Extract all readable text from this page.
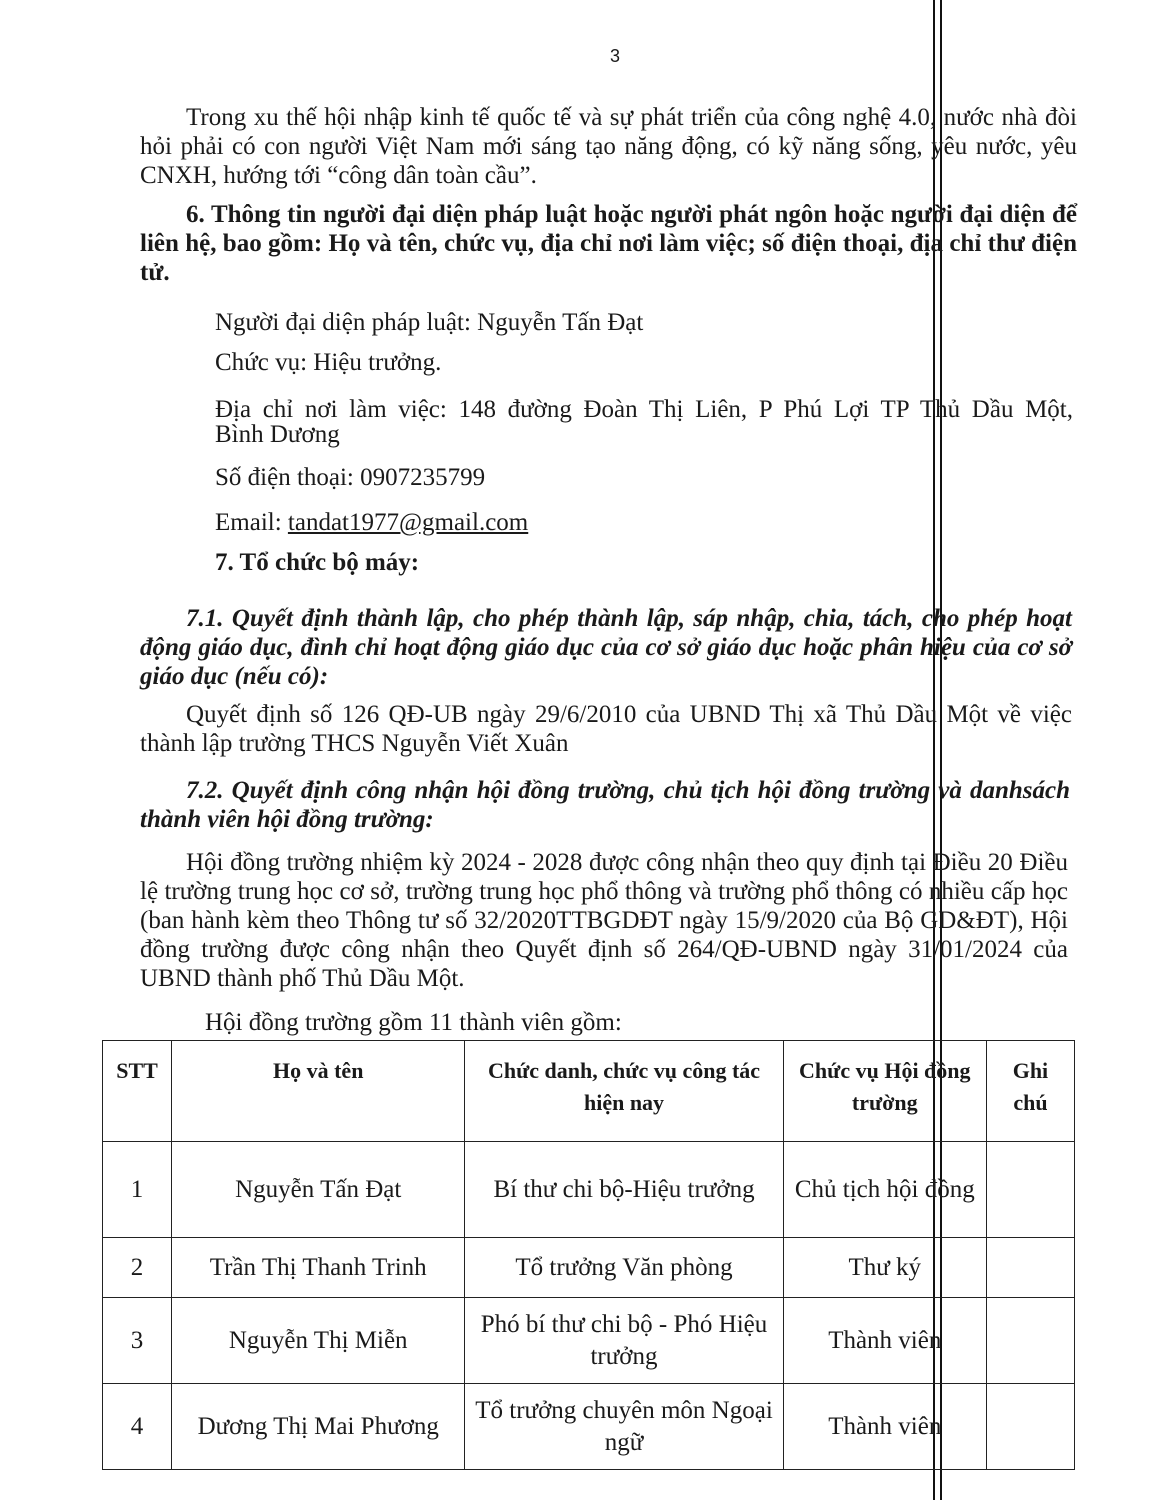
3

Trong xu thế hội nhập kinh tế quốc tế và sự phát triển của công nghệ 4.0, nước nhà đòi hỏi phải có con người Việt Nam mới sáng tạo năng động, có kỹ năng sống, yêu nước, yêu CNXH, hướng tới “công dân toàn cầu”.

6. Thông tin người đại diện pháp luật hoặc người phát ngôn hoặc người đại diện để liên hệ, bao gồm: Họ và tên, chức vụ, địa chỉ nơi làm việc; số điện thoại, địa chỉ thư điện tử.

Người đại diện pháp luật: Nguyễn Tấn Đạt

Chức vụ: Hiệu trưởng.

Địa chỉ nơi làm việc: 148 đường Đoàn Thị Liên, P Phú Lợi TP Thủ Dầu Một,

Bình Dương

Số điện thoại: 0907235799

Email: tandat1977@gmail.com

7. Tổ chức bộ máy:

7.1. Quyết định thành lập, cho phép thành lập, sáp nhập, chia, tách, cho phép hoạt động giáo dục, đình chỉ hoạt động giáo dục của cơ sở giáo dục hoặc phân hiệu của cơ sở giáo dục (nếu có):

Quyết định số 126 QĐ-UB ngày 29/6/2010 của UBND Thị xã Thủ Dầu Một về việc thành lập trường THCS Nguyễn Viết Xuân

7.2. Quyết định công nhận hội đồng trường, chủ tịch hội đồng trường và danhsách thành viên hội đồng trường:

Hội đồng trường nhiệm kỳ 2024 - 2028 được công nhận theo quy định tại Điều 20 Điều lệ trường trung học cơ sở, trường trung học phổ thông và trường phổ thông có nhiều cấp học (ban hành kèm theo Thông tư số 32/2020TTBGDĐT ngày 15/9/2020 của Bộ GD&ĐT), Hội đồng trường được công nhận theo Quyết định số 264/QĐ-UBND ngày 31/01/2024 của UBND thành phố Thủ Dầu Một.

Hội đồng trường gồm 11 thành viên gồm:

STT	Họ và tên	Chức danh, chức vụ công tác hiện nay	Chức vụ Hội đồng trường	Ghi chú
1	Nguyễn Tấn Đạt	Bí thư chi bộ-Hiệu trưởng	Chủ tịch hội đồng	
2	Trần Thị Thanh Trinh	Tổ trưởng Văn phòng	Thư ký	
3	Nguyễn Thị Miễn	Phó bí thư chi bộ - Phó Hiệu trưởng	Thành viên	
4	Dương Thị Mai Phương	Tổ trưởng chuyên môn Ngoại ngữ	Thành viên	
